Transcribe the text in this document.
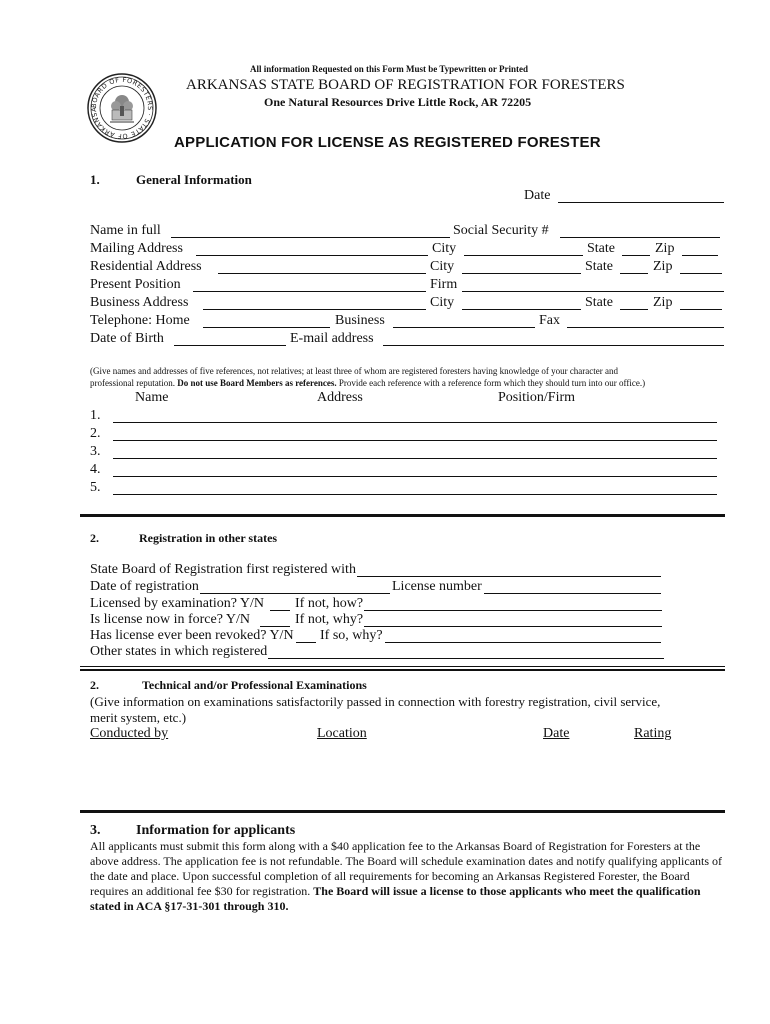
BOARD OF FORESTERS · STATE OF ARKANSA
All information Requested on this Form Must be Typewritten or Printed
ARKANSAS STATE BOARD OF REGISTRATION FOR FORESTERS
One Natural Resources Drive Little Rock, AR 72205
APPLICATION FOR LICENSE AS REGISTERED FORESTER
1.	General Information
Date
Name in full	Social Security #
Mailing Address	City	State	Zip
Residential Address	City	State	Zip
Present Position	Firm
Business Address	City	State	Zip
Telephone: Home	Business	Fax
Date of Birth	E-mail address
(Give names and addresses of five references, not relatives; at least three of whom are registered foresters having knowledge of your character and
professional reputation. Do not use Board Members as references. Provide each reference with a reference form which they should turn into our office.)
Name	Address	Position/Firm
1.
2.
3.
4.
5.
2.	Registration in other states
State Board of Registration first registered with
Date of registration	License number
Licensed by examination? Y/N If not, how?
Is license now in force? Y/N	If not, why?
Has license ever been revoked? Y/N If so, why?
Other states in which registered
2.	Technical and/or Professional Examinations
(Give information on examinations satisfactorily passed in connection with forestry registration, civil service,
merit system, etc.)
Conducted by	Location	Date	Rating
3.	Information for applicants
All applicants must submit this form along with a $40 application fee to the Arkansas Board of Registration for Foresters at the above address. The application fee is not refundable. The Board will schedule examination dates and notify qualifying applicants of the date and place. Upon successful completion of all requirements for becoming an Arkansas Registered Forester, the Board requires an additional fee $30 for registration. The Board will issue a license to those applicants who meet the qualification stated in ACA §17-31-301 through 310.
